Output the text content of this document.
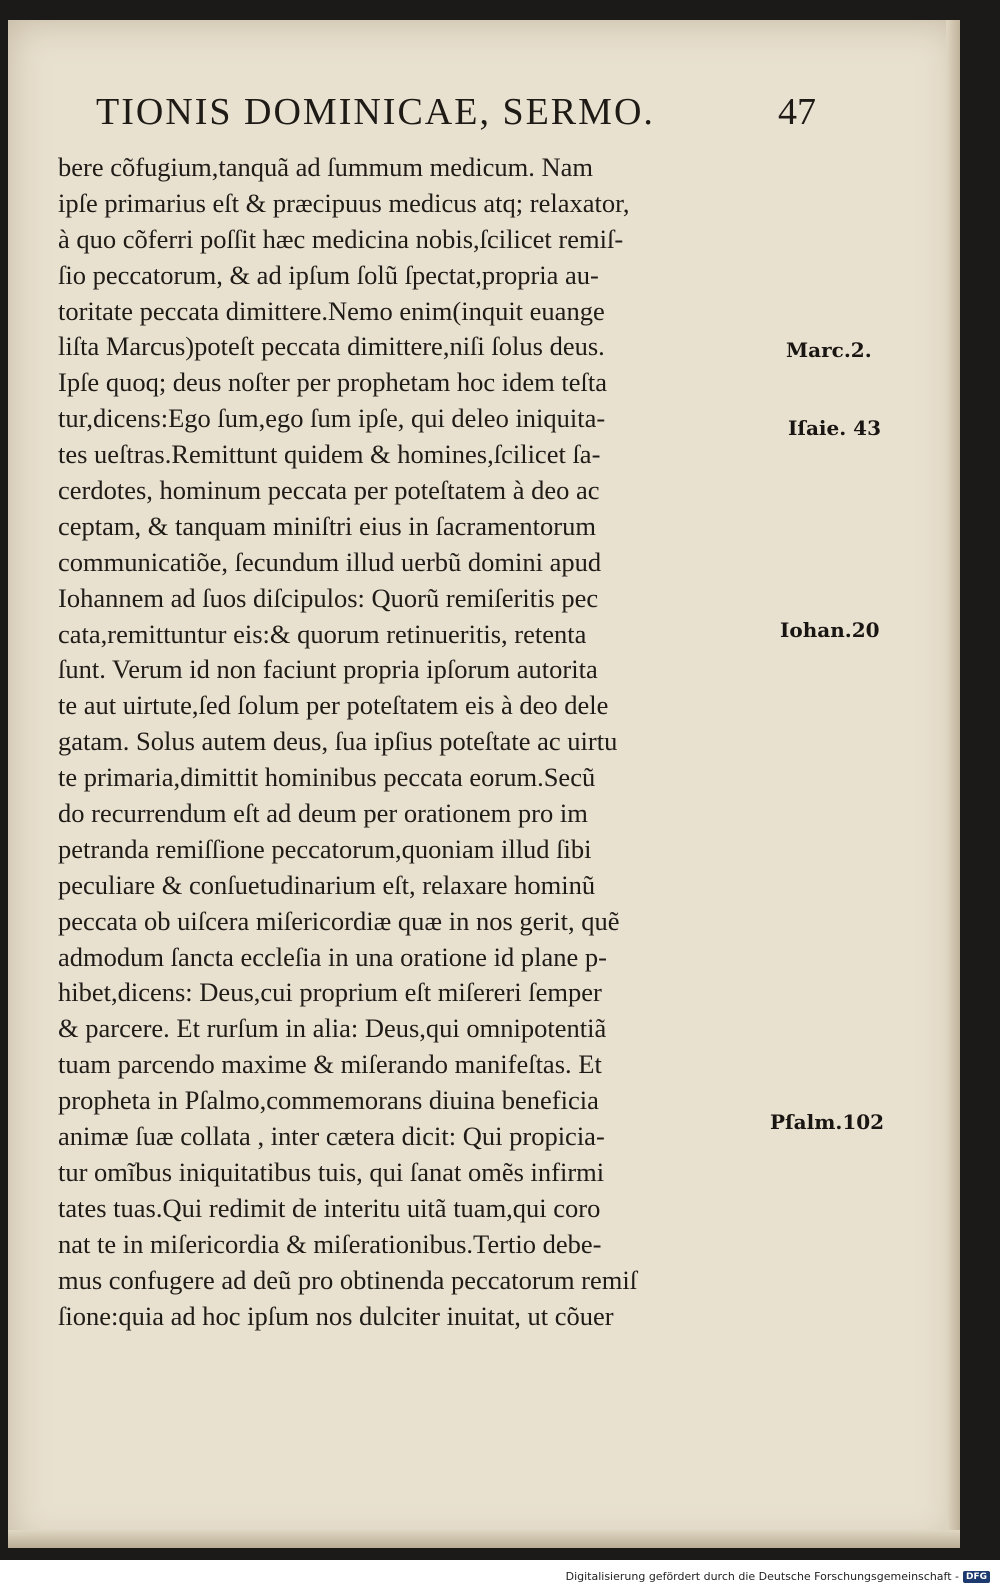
TIONIS DOMINICAE, SERMO.	47
bere cõfugium,tanquã ad ſummum medicum. Nam
ipſe primarius eſt & præcipuus medicus atq; relaxator,
à quo cõferri poſſit hæc medicina nobis,ſcilicet remiſ-
ſio peccatorum, & ad ipſum ſolũ ſpectat,propria au-
toritate peccata dimittere.Nemo enim(inquit euange
liſta Marcus)poteſt peccata dimittere,niſi ſolus deus.
Ipſe quoq; deus noſter per prophetam hoc idem teſta
tur,dicens:Ego ſum,ego ſum ipſe, qui deleo iniquita-
tes ueſtras.Remittunt quidem & homines,ſcilicet ſa-
cerdotes, hominum peccata per poteſtatem à deo ac
ceptam, & tanquam miniſtri eius in ſacramentorum
communicatiõe, ſecundum illud uerbũ domini apud
Iohannem ad ſuos diſcipulos: Quorũ remiſeritis pec
cata,remittuntur eis:& quorum retinueritis, retenta
ſunt. Verum id non faciunt propria ipſorum autorita
te aut uirtute,ſed ſolum per poteſtatem eis à deo dele
gatam. Solus autem deus, ſua ipſius poteſtate ac uirtu
te primaria,dimittit hominibus peccata eorum.Secũ
do recurrendum eſt ad deum per orationem pro im
petranda remiſſione peccatorum,quoniam illud ſibi
peculiare & conſuetudinarium eſt, relaxare hominũ
peccata ob uiſcera miſericordiæ quæ in nos gerit, quẽ
admodum ſancta eccleſia in una oratione id plane p-
hibet,dicens: Deus,cui proprium eſt miſereri ſemper
& parcere. Et rurſum in alia: Deus,qui omnipotentiã
tuam parcendo maxime & miſerando manifeſtas. Et
propheta in Pſalmo,commemorans diuina beneficia
animæ ſuæ collata , inter cætera dicit: Qui propicia-
tur omĩbus iniquitatibus tuis, qui ſanat omẽs infirmi
tates tuas.Qui redimit de interitu uitã tuam,qui coro
nat te in miſericordia & miſerationibus.Tertio debe-
mus confugere ad deũ pro obtinenda peccatorum remiſ
ſione:quia ad hoc ipſum nos dulciter inuitat, ut cõuer
Marc.2.
Iſaie. 43
Iohan.20
Pſalm.102
Digitalisierung gefördert durch die Deutsche Forschungsgemeinschaft - DFG
